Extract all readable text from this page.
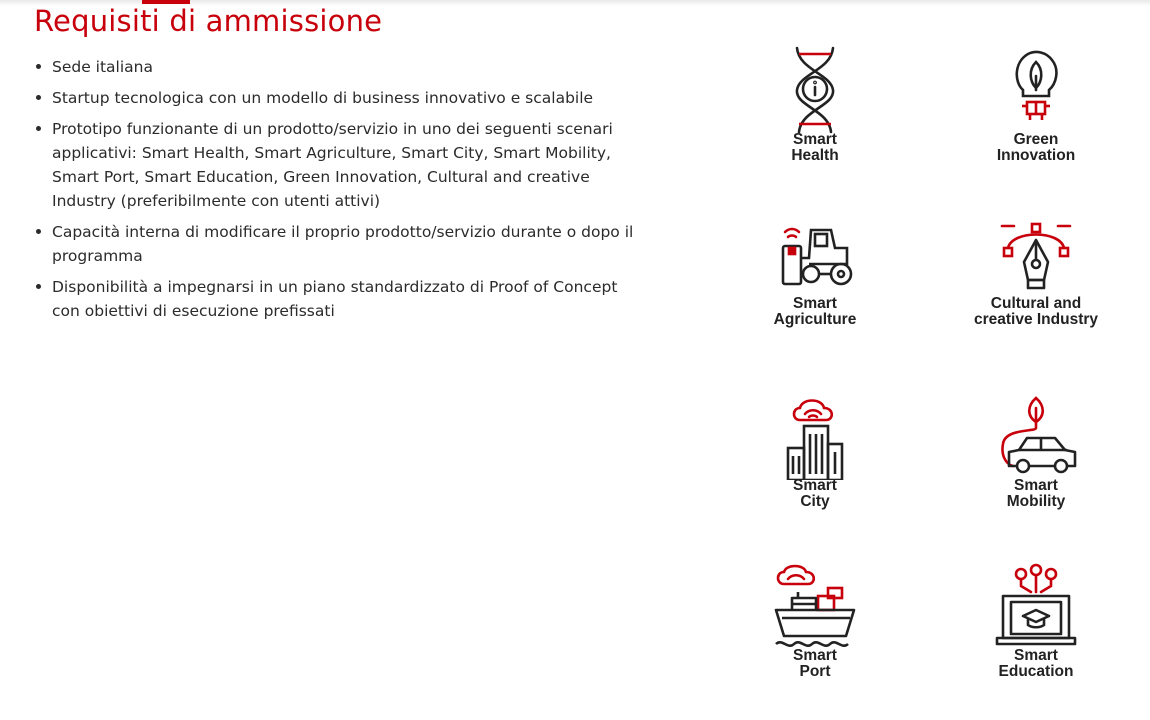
Requisiti di ammissione
Sede italiana
Startup tecnologica con un modello di business innovativo e scalabile
Prototipo funzionante di un prodotto/servizio in uno dei seguenti scenari applicativi: Smart Health, Smart Agriculture, Smart City, Smart Mobility, Smart Port, Smart Education, Green Innovation, Cultural and creative Industry (preferibilmente con utenti attivi)
Capacità interna di modificare il proprio prodotto/servizio durante o dopo il programma
Disponibilità a impegnarsi in un piano standardizzato di Proof of Concept con obiettivi di esecuzione prefissati
Smart
Health
Green
Innovation
Smart
Agriculture
Cultural and
creative Industry
Smart
City
Smart
Mobility
Smart
Port
Smart
Education
